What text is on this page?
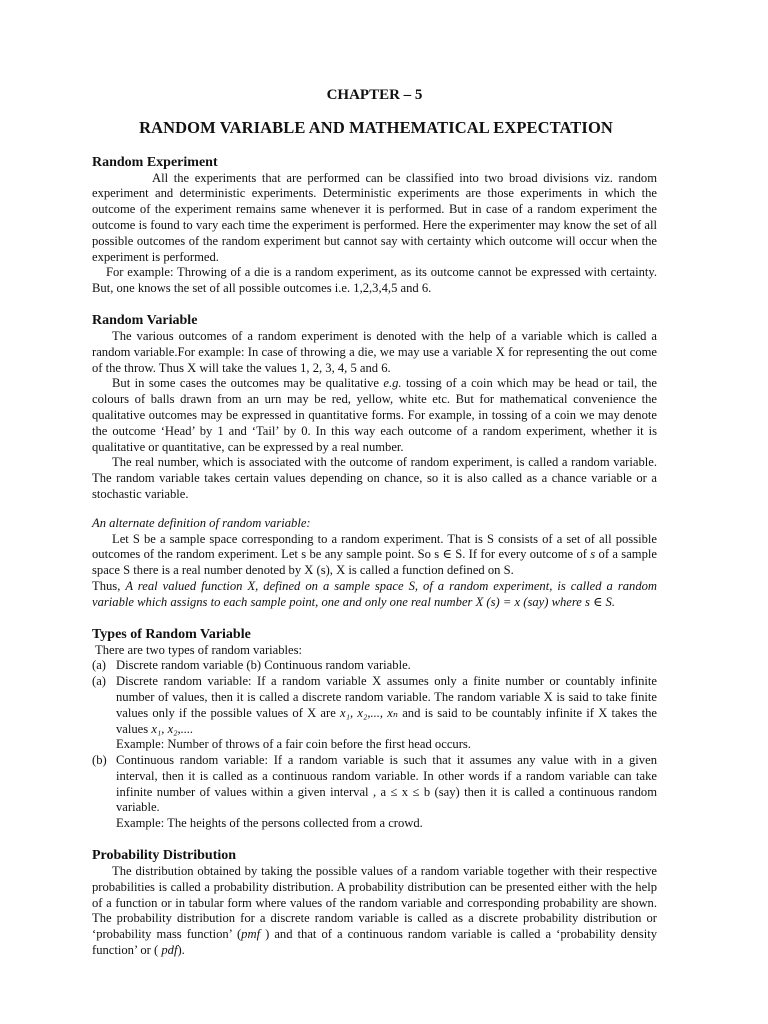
CHAPTER – 5
RANDOM VARIABLE AND MATHEMATICAL EXPECTATION
Random Experiment

All the experiments that are performed can be classified into two broad divisions viz. random experiment and deterministic experiments. Deterministic experiments are those experiments in which the outcome of the experiment remains same whenever it is performed. But in case of a random experiment the outcome is found to vary each time the experiment is performed. Here the experimenter may know the set of all possible outcomes of the random experiment but cannot say with certainty which outcome will occur when the experiment is performed.

For example: Throwing of a die is a random experiment, as its outcome cannot be expressed with certainty. But, one knows the set of all possible outcomes i.e. 1,2,3,4,5 and 6.

Random Variable

The various outcomes of a random experiment is denoted with the help of a variable which is called a random variable.For example: In case of throwing a die, we may use a variable X for representing the out come of the throw. Thus X will take the values 1, 2, 3, 4, 5 and 6.

But in some cases the outcomes may be qualitative e.g. tossing of a coin which may be head or tail, the colours of balls drawn from an urn may be red, yellow, white etc. But for mathematical convenience the qualitative outcomes may be expressed in quantitative forms. For example, in tossing of a coin we may denote the outcome ‘Head’ by 1 and ‘Tail’ by 0. In this way each outcome of a random experiment, whether it is qualitative or quantitative, can be expressed by a real number.

The real number, which is associated with the outcome of random experiment, is called a random variable. The random variable takes certain values depending on chance, so it is also called as a chance variable or a stochastic variable.

An alternate definition of random variable:

Let S be a sample space corresponding to a random experiment. That is S consists of a set of all possible outcomes of the random experiment. Let s be any sample point. So s ∈ S. If for every outcome of s of a sample space S there is a real number denoted by X (s), X is called a function defined on S.

Thus, A real valued function X, defined on a sample space S, of a random experiment, is called a random variable which assigns to each sample point, one and only one real number X (s) = x (say) where s ∈ S.

Types of Random Variable
There are two types of random variables:
(a) Discrete random variable (b) Continuous random variable.
(a) Discrete random variable: If a random variable X assumes only a finite number or countably infinite number of values, then it is called a discrete random variable. The random variable X is said to take finite values only if the possible values of X are x₁, x₂,..., xₙ and is said to be countably infinite if X takes the values x₁, x₂,....
Example: Number of throws of a fair coin before the first head occurs.
(b) Continuous random variable: If a random variable is such that it assumes any value with in a given interval, then it is called as a continuous random variable. In other words if a random variable can take infinite number of values within a given interval , a ≤ x ≤ b (say) then it is called a continuous random variable.
Example: The heights of the persons collected from a crowd.
Probability Distribution

The distribution obtained by taking the possible values of a random variable together with their respective probabilities is called a probability distribution. A probability distribution can be presented either with the help of a function or in tabular form where values of the random variable and corresponding probability are shown. The probability distribution for a discrete random variable is called as a discrete probability distribution or ‘probability mass function’ (pmf ) and that of a continuous random variable is called a ‘probability density function’ or ( pdf).
